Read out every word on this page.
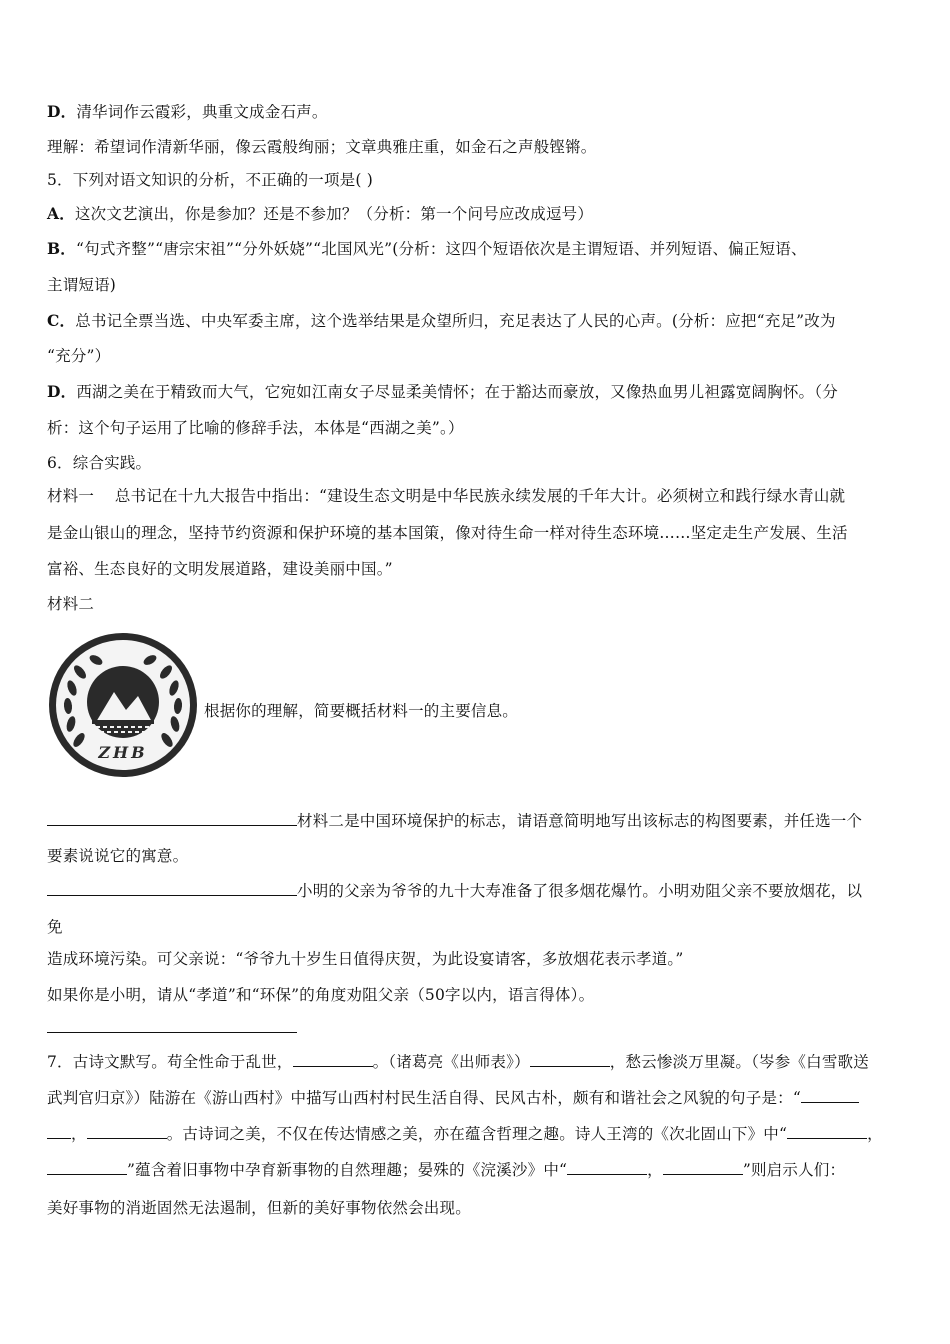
D．清华词作云霞彩，典重文成金石声。
理解：希望词作清新华丽，像云霞般绚丽；文章典雅庄重，如金石之声般铿锵。
5．下列对语文知识的分析，不正确的一项是( )
A．这次文艺演出，你是参加？还是不参加？（分析：第一个问号应改成逗号）
B．“句式齐整”“唐宗宋祖”“分外妖娆”“北国风光”(分析：这四个短语依次是主谓短语、并列短语、偏正短语、
主谓短语)
C．总书记全票当选、中央军委主席，这个选举结果是众望所归，充足表达了人民的心声。(分析：应把“充足”改为
“充分”）
D．西湖之美在于精致而大气，它宛如江南女子尽显柔美情怀；在于豁达而豪放，又像热血男儿袒露宽阔胸怀。（分
析：这个句子运用了比喻的修辞手法，本体是“西湖之美”。）
6．综合实践。
材料一　 总书记在十九大报告中指出：“建设生态文明是中华民族永续发展的千年大计。必须树立和践行绿水青山就
是金山银山的理念，坚持节约资源和保护环境的基本国策，像对待生命一样对待生态环境……坚定走生产发展、生活
富裕、生态良好的文明发展道路，建设美丽中国。”
材料二
ZHB
根据你的理解，简要概括材料一的主要信息。
材料二是中国环境保护的标志，请语意简明地写出该标志的构图要素，并任选一个
要素说说它的寓意。
小明的父亲为爷爷的九十大寿准备了很多烟花爆竹。小明劝阻父亲不要放烟花，以
免
造成环境污染。可父亲说：“爷爷九十岁生日值得庆贺，为此设宴请客，多放烟花表示孝道。”
如果你是小明，请从“孝道”和“环保”的角度劝阻父亲（50字以内，语言得体）。
7．古诗文默写。苟全性命于乱世，	。（诸葛亮《出师表》）	，愁云惨淡万里凝。（岑参《白雪歌送
武判官归京》）陆游在《游山西村》中描写山西村村民生活自得、民风古朴，颇有和谐社会之风貌的句子是：“
，	。古诗词之美，不仅在传达情感之美，亦在蕴含哲理之趣。诗人王湾的《次北固山下》中“	，
”蕴含着旧事物中孕育新事物的自然理趣；晏殊的《浣溪沙》中“	，	”则启示人们：
美好事物的消逝固然无法遏制，但新的美好事物依然会出现。
